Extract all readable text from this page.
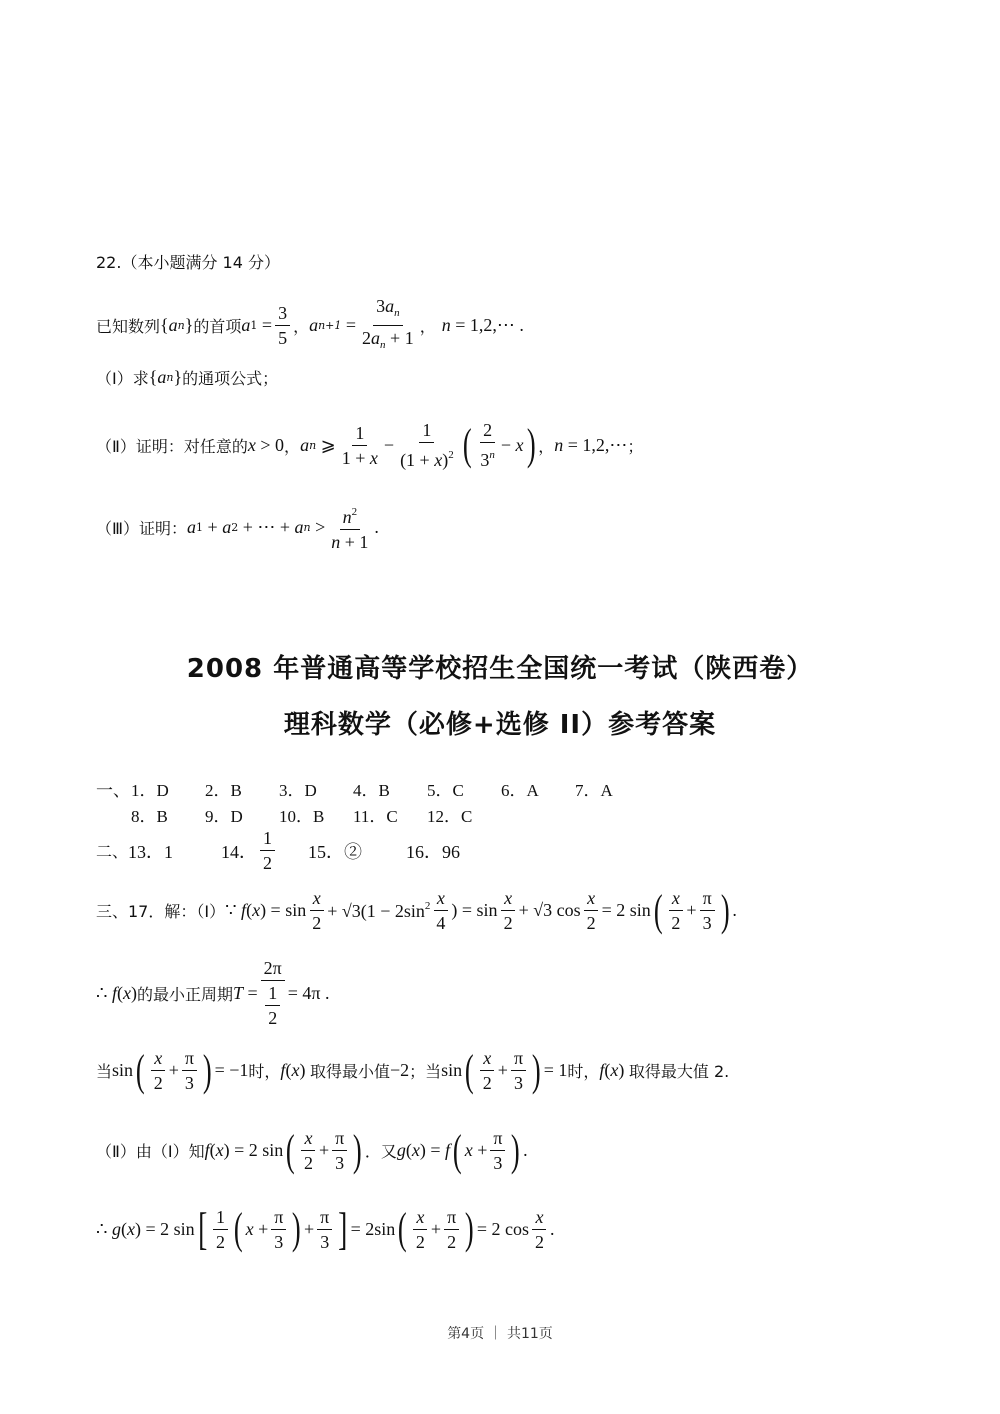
22.（本小题满分 14 分）
已知数列 { a n } 的首项 a $1 = \frac{3}{5}$ ， a $n+1 = \frac{3a_n}{2a_n + 1}$ ， n = 1,2,⋯ .
（Ⅰ）求 { a n } 的通项公式；
（Ⅱ）证明：对任意的 x > 0 ， a n ⩾ $\frac{1}{1 + x} - \frac{1}{(1 + x)^2}$ ( $\frac{2}{3^n} - x$ ) ， n = 1,2,⋯ ；
（Ⅲ）证明： a 1 + a 2 + ⋯ + a $n > \frac{n^2}{n + 1}$ .
2008 年普通高等学校招生全国统一考试（陕西卷）
理科数学（必修+选修 II）参考答案
一、 1．D 2．B 3．D 4．B 5．C 6．A 7．A
8．B 9．D 10．B 11．C 12．C
二、 13．1	14． $\frac{1}{2} 15$．② 16．96
三、17．解：（Ⅰ） ∵ f $(x) = \sin \frac{x}{2} + √3(1 - 2\sin^2 \frac{x}{4}$ ) = $\sin \frac{x}{2} + √3$ $\cos \frac{x}{2} = 2$ sin ( $\frac{x}{2} + \frac{\pi}{3}$ ) .
∴ f (x) 的最小正周期 $T = \frac{2\pi}{\frac{1}{2}} = 4\pi$ .
当 sin ( $\frac{x}{2} + \frac{\pi}{3}$ ) = −1 时， f (x) 取得最小值 −2 ；当 sin ( $\frac{x}{2} + \frac{\pi}{3}$ ) = 1 时， f (x) 取得最大值 2.
（Ⅱ）由（Ⅰ）知 f (x) = 2 sin ( $\frac{x}{2} + \frac{\pi}{3}$ ) ．又 g (x) = f ( $x + \frac{\pi}{3}$ ) .
∴ g (x) = 2 sin [ $\frac{1}{2}$ ( $x + \frac{\pi}{3}$ ) + $\frac{\pi}{3}$ ] = 2sin ( $\frac{x}{2} + \frac{\pi}{2}$ ) = 2 $\cos \frac{x}{2}$ .
第4页 ｜ 共11页
